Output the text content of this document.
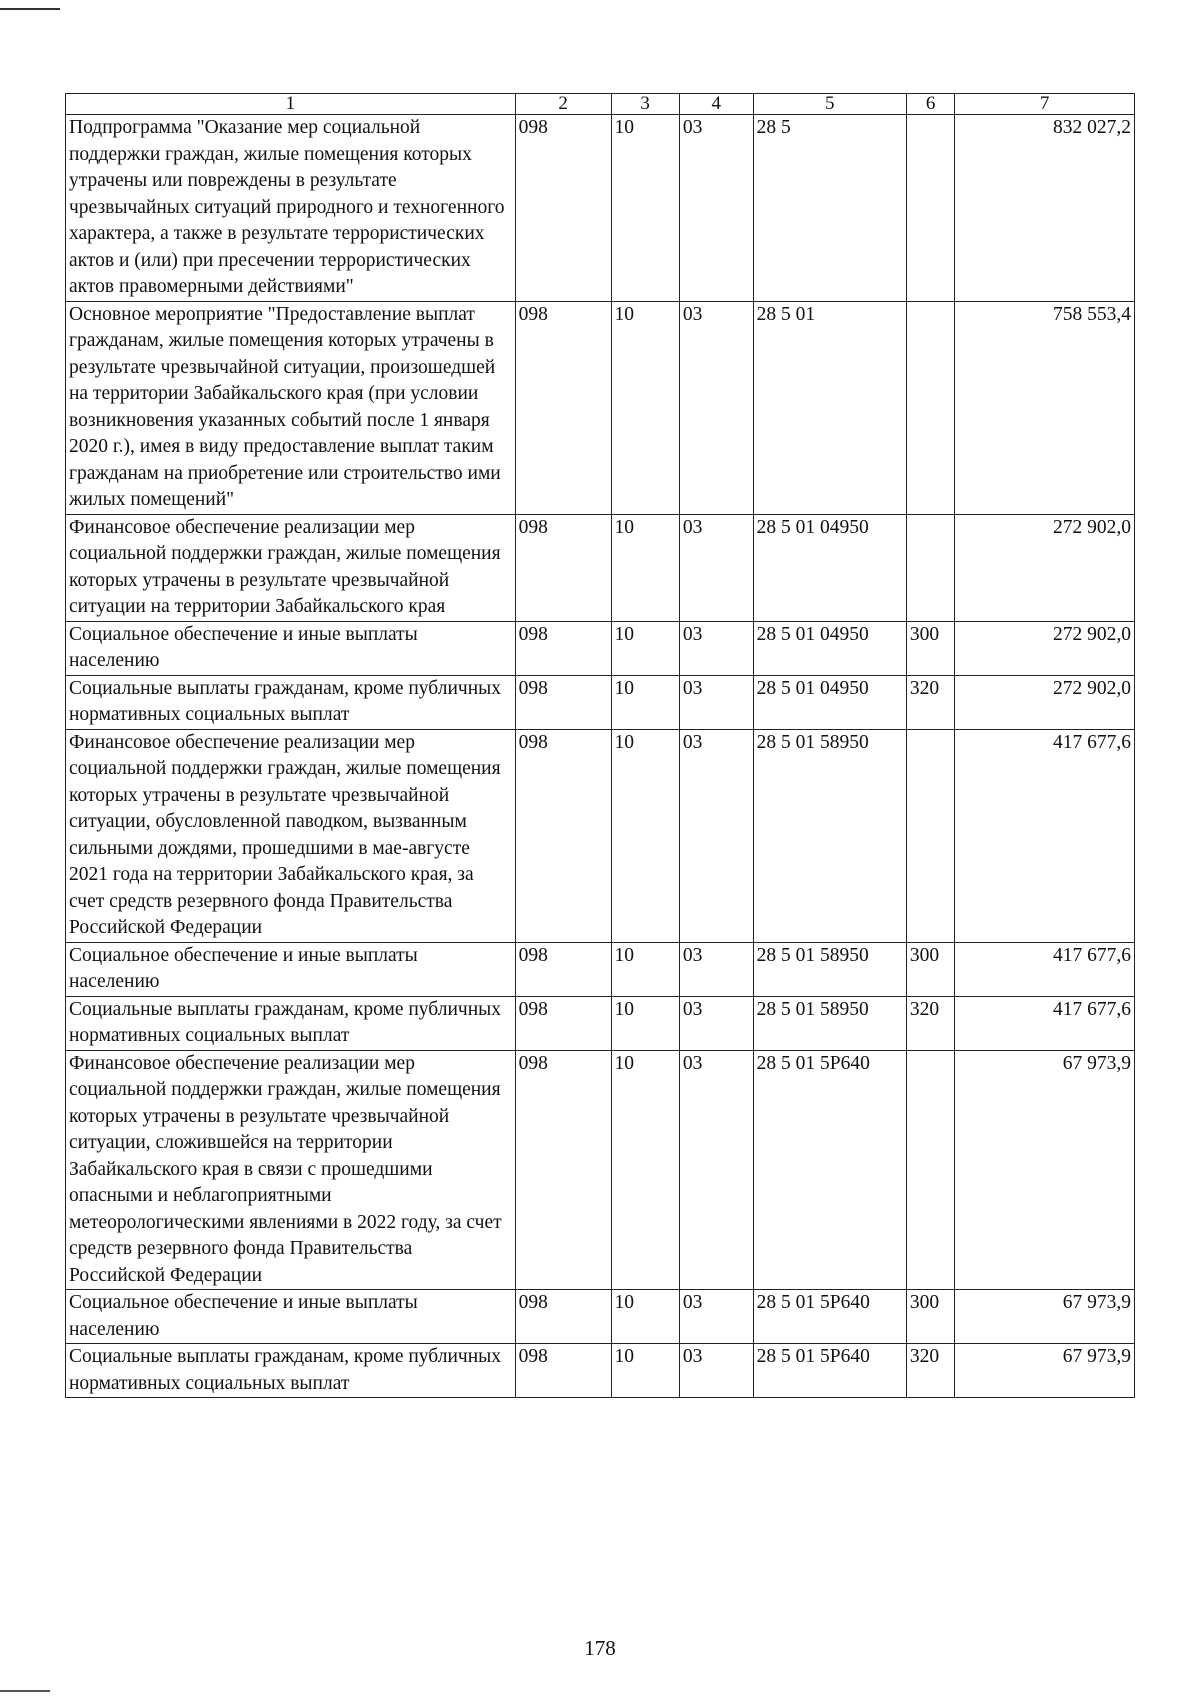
1	2	3	4	5	6	7
Подпрограмма "Оказание мер социальной поддержки граждан, жилые помещения которых утрачены или повреждены в результате чрезвычайных ситуаций природного и техногенного характера, а также в результате террористических актов и (или) при пресечении террористических актов правомерными действиями"	098	10	03	28 5		832 027,2
Основное мероприятие "Предоставление выплат гражданам, жилые помещения которых утрачены в результате чрезвычайной ситуации, произошедшей на территории Забайкальского края (при условии возникновения указанных событий после 1 января 2020 г.), имея в виду предоставление выплат таким гражданам на приобретение или строительство ими жилых помещений"	098	10	03	28 5 01		758 553,4
Финансовое обеспечение реализации мер социальной поддержки граждан, жилые помещения которых утрачены в результате чрезвычайной ситуации на территории Забайкальского края	098	10	03	28 5 01 04950		272 902,0
Социальное обеспечение и иные выплаты населению	098	10	03	28 5 01 04950	300	272 902,0
Социальные выплаты гражданам, кроме публичных нормативных социальных выплат	098	10	03	28 5 01 04950	320	272 902,0
Финансовое обеспечение реализации мер социальной поддержки граждан, жилые помещения которых утрачены в результате чрезвычайной ситуации, обусловленной паводком, вызванным сильными дождями, прошедшими в мае-августе 2021 года на территории Забайкальского края, за счет средств резервного фонда Правительства Российской Федерации	098	10	03	28 5 01 58950		417 677,6
Социальное обеспечение и иные выплаты населению	098	10	03	28 5 01 58950	300	417 677,6
Социальные выплаты гражданам, кроме публичных нормативных социальных выплат	098	10	03	28 5 01 58950	320	417 677,6
Финансовое обеспечение реализации мер социальной поддержки граждан, жилые помещения которых утрачены в результате чрезвычайной ситуации, сложившейся на территории Забайкальского края в связи с прошедшими опасными и неблагоприятными метеорологическими явлениями в 2022 году, за счет средств резервного фонда Правительства Российской Федерации	098	10	03	28 5 01 5Р640		67 973,9
Социальное обеспечение и иные выплаты населению	098	10	03	28 5 01 5Р640	300	67 973,9
Социальные выплаты гражданам, кроме публичных нормативных социальных выплат	098	10	03	28 5 01 5Р640	320	67 973,9
178
